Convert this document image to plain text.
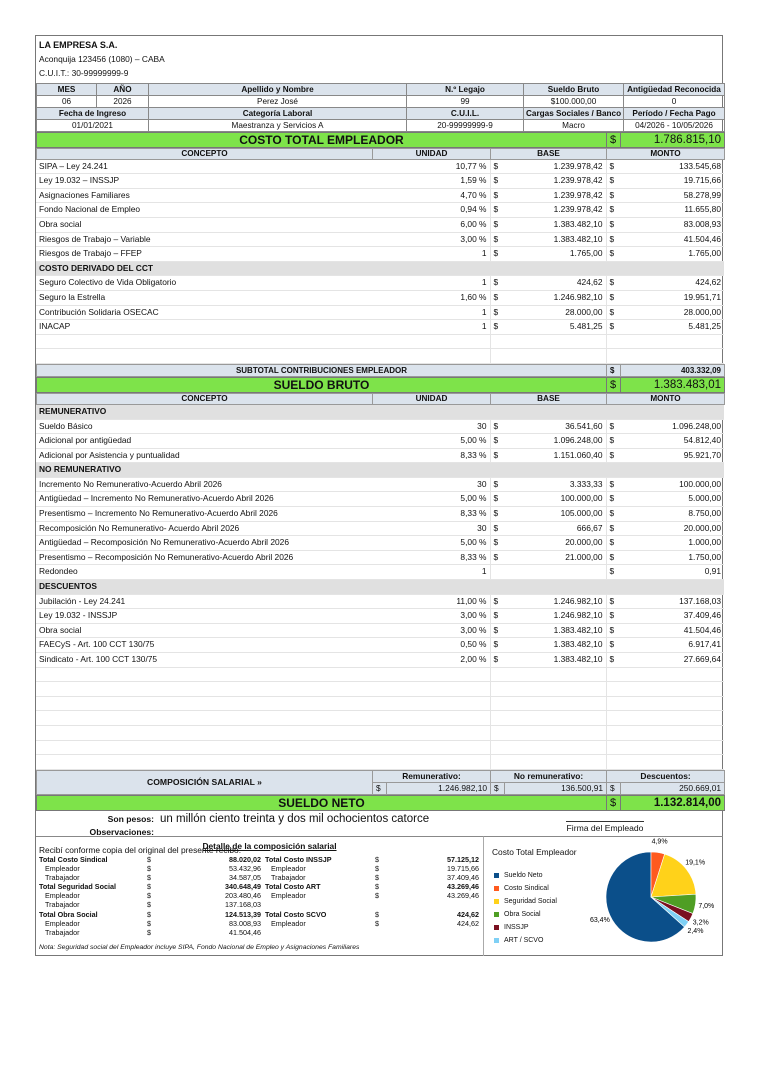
LA EMPRESA S.A.
Aconquija 123456 (1080) – CABA
C.U.I.T.: 30-99999999-9
MES	AÑO	Apellido y Nombre	N.º Legajo	Sueldo Bruto	Antigüedad Reconocida
06	2026	Perez José	99	$100.000,00	0
Fecha de Ingreso		Categoría Laboral	C.U.I.L.	Cargas Sociales / Banco	Período / Fecha Pago
01/01/2021		Maestranza y Servicios A	20-99999999-9	Macro	04/2026 - 10/05/2026
COSTO TOTAL EMPLEADOR	$	1.786.815,10
CONCEPTO	UNIDAD	BASE	MONTO
SIPA – Ley 24.241	10,77 %	$	1.239.978,42	$	133.545,68
Ley 19.032 – INSSJP	1,59 %	$	1.239.978,42	$	19.715,66
Asignaciones Familiares	4,70 %	$	1.239.978,42	$	58.278,99
Fondo Nacional de Empleo	0,94 %	$	1.239.978,42	$	11.655,80
Obra social	6,00 %	$	1.383.482,10	$	83.008,93
Riesgos de Trabajo – Variable	3,00 %	$	1.383.482,10	$	41.504,46
Riesgos de Trabajo – FFEP	1	$	1.765,00	$	1.765,00
COSTO DERIVADO DEL CCT					
Seguro Colectivo de Vida Obligatorio	1	$	424,62	$	424,62
Seguro la Estrella	1,60 %	$	1.246.982,10	$	19.951,71
Contribución Solidaria OSECAC	1	$	28.000,00	$	28.000,00
INACAP	1	$	5.481,25	$	5.481,25

SUBTOTAL CONTRIBUCIONES EMPLEADOR	$	403.332,09
SUELDO BRUTO	$	1.383.483,01
CONCEPTO	UNIDAD	BASE	MONTO
REMUNERATIVO					
Sueldo Básico	30	$	36.541,60	$	1.096.248,00
Adicional por antigüedad	5,00 %	$	1.096.248,00	$	54.812,40
Adicional por Asistencia y puntualidad	8,33 %	$	1.151.060,40	$	95.921,70
NO REMUNERATIVO					
Incremento No Remunerativo-Acuerdo Abril 2026	30	$	3.333,33	$	100.000,00
Antigüedad – Incremento No Remunerativo-Acuerdo Abril 2026	5,00 %	$	100.000,00	$	5.000,00
Presentismo – Incremento No Remunerativo-Acuerdo Abril 2026	8,33 %	$	105.000,00	$	8.750,00
Recomposición No Remunerativo- Acuerdo Abril 2026	30	$	666,67	$	20.000,00
Antigüedad – Recomposición No Remunerativo-Acuerdo Abril 2026	5,00 %	$	20.000,00	$	1.000,00
Presentismo – Recomposición No Remunerativo-Acuerdo Abril 2026	8,33 %	$	21.000,00	$	1.750,00
Redondeo	1			$	0,91
DESCUENTOS					
Jubilación - Ley 24.241	11,00 %	$	1.246.982,10	$	137.168,03
Ley 19.032 - INSSJP	3,00 %	$	1.246.982,10	$	37.409,46
Obra social	3,00 %	$	1.383.482,10	$	41.504,46
FAECyS - Art. 100 CCT 130/75	0,50 %	$	1.383.482,10	$	6.917,41
Sindicato - Art. 100 CCT 130/75	2,00 %	$	1.383.482,10	$	27.669,64

COMPOSICIÓN SALARIAL »	Remunerativo:		No remunerativo:		Descuentos:	
	$	1.246.982,10	$	136.500,91	$	250.669,01
SUELDO NETO	$	1.132.814,00
Son pesos: un millón ciento treinta y dos mil ochocientos catorce
Observaciones:
Recibí conforme copia del original del presente recibo.
Firma del Empleado
Detalle de la composición salarial
Total Costo Sindical	$	88.020,02 Total Costo INSSJP	$	57.125,12
Empleador	$	53.432,96 Empleador	$	19.715,66
Trabajador	$	34.587,05 Trabajador	$	37.409,46
Total Seguridad Social	$	340.648,49 Total Costo ART	$	43.269,46
Empleador	$	203.480,46 Empleador	$	43.269,46
Trabajador	$	137.168,03
Total Obra Social	$	124.513,39 Total Costo SCVO	$	424,62
Empleador	$	83.008,93 Empleador	$	424,62
Trabajador	$	41.504,46
Nota: Seguridad social del Empleador incluye SIPA, Fondo Nacional de Empleo y Asignaciones Familiares
Costo Total Empleador
Sueldo Neto
Costo Sindical
Seguridad Social
Obra Social
INSSJP
ART / SCVO
63,4%
4,9%
19,1%
7,0%
3,2%
2,4%
